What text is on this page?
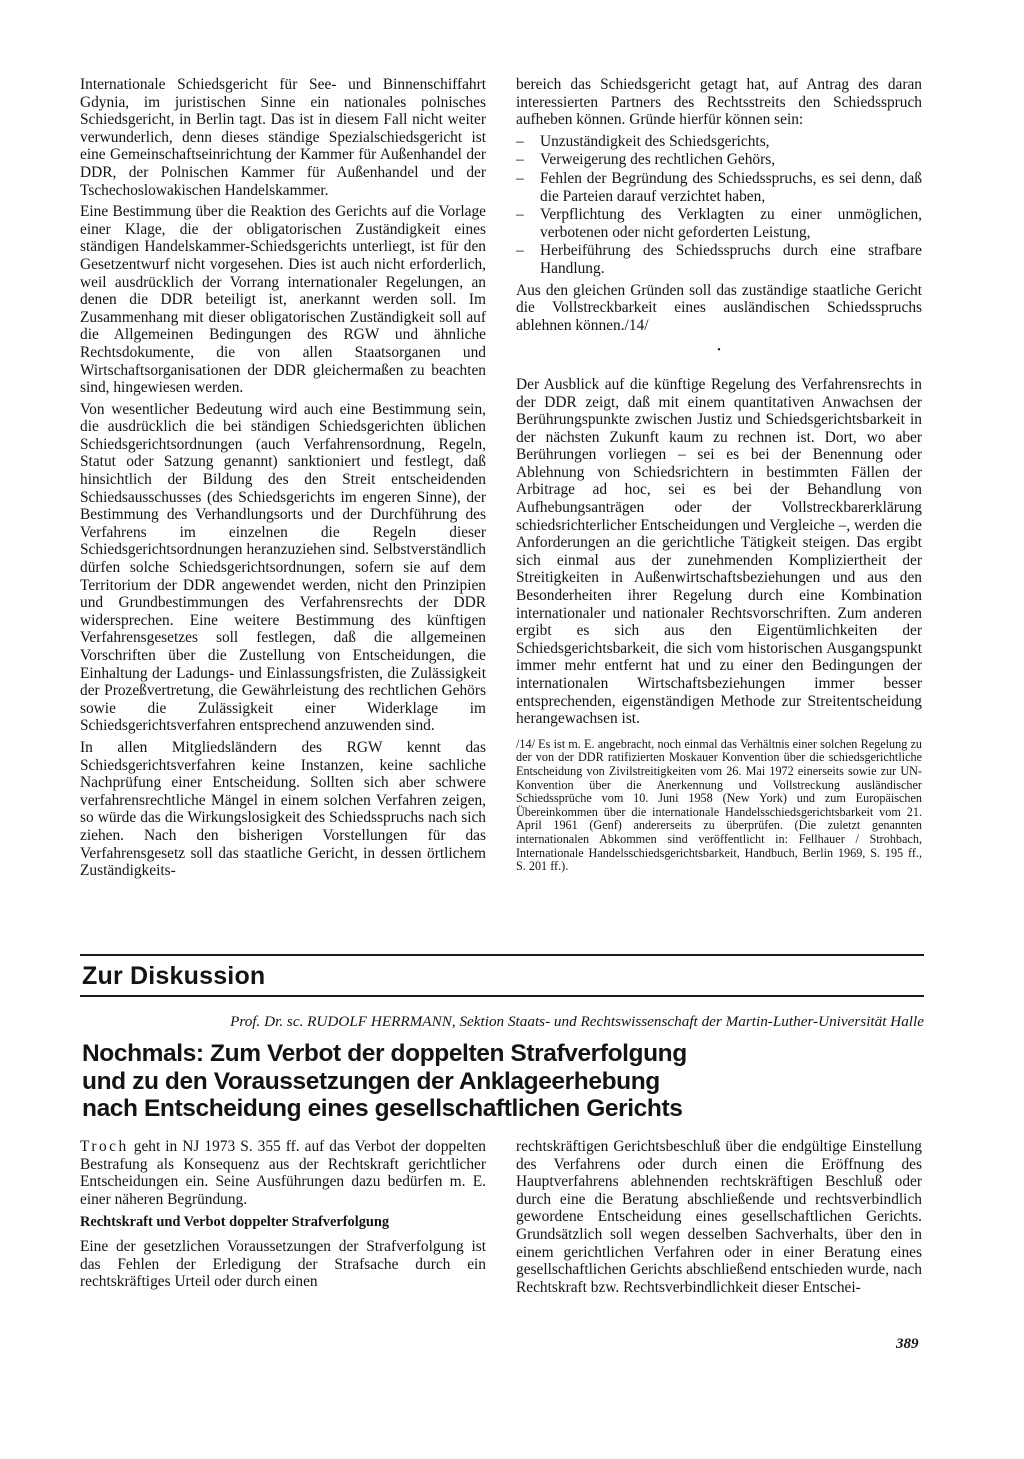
Internationale Schiedsgericht für See- und Binnenschiffahrt Gdynia, im juristischen Sinne ein nationales polnisches Schiedsgericht, in Berlin tagt. Das ist in diesem Fall nicht weiter verwunderlich, denn dieses ständige Spezialschiedsgericht ist eine Gemeinschaftseinrichtung der Kammer für Außenhandel der DDR, der Polnischen Kammer für Außenhandel und der Tschechoslowakischen Handelskammer.

Eine Bestimmung über die Reaktion des Gerichts auf die Vorlage einer Klage, die der obligatorischen Zuständigkeit eines ständigen Handelskammer-Schiedsgerichts unterliegt, ist für den Gesetzentwurf nicht vorgesehen. Dies ist auch nicht erforderlich, weil ausdrücklich der Vorrang internationaler Regelungen, an denen die DDR beteiligt ist, anerkannt werden soll. Im Zusammenhang mit dieser obligatorischen Zuständigkeit soll auf die Allgemeinen Bedingungen des RGW und ähnliche Rechtsdokumente, die von allen Staatsorganen und Wirtschaftsorganisationen der DDR gleichermaßen zu beachten sind, hingewiesen werden.

Von wesentlicher Bedeutung wird auch eine Bestimmung sein, die ausdrücklich die bei ständigen Schiedsgerichten üblichen Schiedsgerichtsordnungen (auch Verfahrensordnung, Regeln, Statut oder Satzung genannt) sanktioniert und festlegt, daß hinsichtlich der Bildung des den Streit entscheidenden Schiedsausschusses (des Schiedsgerichts im engeren Sinne), der Bestimmung des Verhandlungsorts und der Durchführung des Verfahrens im einzelnen die Regeln dieser Schiedsgerichtsordnungen heranzuziehen sind. Selbstverständlich dürfen solche Schiedsgerichtsordnungen, sofern sie auf dem Territorium der DDR angewendet werden, nicht den Prinzipien und Grundbestimmungen des Verfahrensrechts der DDR widersprechen. Eine weitere Bestimmung des künftigen Verfahrensgesetzes soll festlegen, daß die allgemeinen Vorschriften über die Zustellung von Entscheidungen, die Einhaltung der Ladungs- und Einlassungsfristen, die Zulässigkeit der Prozeßvertretung, die Gewährleistung des rechtlichen Gehörs sowie die Zulässigkeit einer Widerklage im Schiedsgerichtsverfahren entsprechend anzuwenden sind.

In allen Mitgliedsländern des RGW kennt das Schiedsgerichtsverfahren keine Instanzen, keine sachliche Nachprüfung einer Entscheidung. Sollten sich aber schwere verfahrensrechtliche Mängel in einem solchen Verfahren zeigen, so würde das die Wirkungslosigkeit des Schiedsspruchs nach sich ziehen. Nach den bisherigen Vorstellungen für das Verfahrensgesetz soll das staatliche Gericht, in dessen örtlichem Zuständigkeits-

bereich das Schiedsgericht getagt hat, auf Antrag des daran interessierten Partners des Rechtsstreits den Schiedsspruch aufheben können. Gründe hierfür können sein:

– Unzuständigkeit des Schiedsgerichts,
– Verweigerung des rechtlichen Gehörs,
– Fehlen der Begründung des Schiedsspruchs, es sei denn, daß die Parteien darauf verzichtet haben,
– Verpflichtung des Verklagten zu einer unmöglichen, verbotenen oder nicht geforderten Leistung,
– Herbeiführung des Schiedsspruchs durch eine strafbare Handlung.

Aus den gleichen Gründen soll das zuständige staatliche Gericht die Vollstreckbarkeit eines ausländischen Schiedsspruchs ablehnen können./14/

•

Der Ausblick auf die künftige Regelung des Verfahrensrechts in der DDR zeigt, daß mit einem quantitativen Anwachsen der Berührungspunkte zwischen Justiz und Schiedsgerichtsbarkeit in der nächsten Zukunft kaum zu rechnen ist. Dort, wo aber Berührungen vorliegen – sei es bei der Benennung oder Ablehnung von Schiedsrichtern in bestimmten Fällen der Arbitrage ad hoc, sei es bei der Behandlung von Aufhebungsanträgen oder der Vollstreckbarerklärung schiedsrichterlicher Entscheidungen und Vergleiche –, werden die Anforderungen an die gerichtliche Tätigkeit steigen. Das ergibt sich einmal aus der zunehmenden Kompliziertheit der Streitigkeiten in Außenwirtschaftsbeziehungen und aus den Besonderheiten ihrer Regelung durch eine Kombination internationaler und nationaler Rechtsvorschriften. Zum anderen ergibt es sich aus den Eigentümlichkeiten der Schiedsgerichtsbarkeit, die sich vom historischen Ausgangspunkt immer mehr entfernt hat und zu einer den Bedingungen der internationalen Wirtschaftsbeziehungen immer besser entsprechenden, eigenständigen Methode zur Streitentscheidung herangewachsen ist.

/14/ Es ist m. E. angebracht, noch einmal das Verhältnis einer solchen Regelung zu der von der DDR ratifizierten Moskauer Konvention über die schiedsgerichtliche Entscheidung von Zivilstreitigkeiten vom 26. Mai 1972 einerseits sowie zur UN-Konvention über die Anerkennung und Vollstreckung ausländischer Schiedssprüche vom 10. Juni 1958 (New York) und zum Europäischen Übereinkommen über die internationale Handelsschiedsgerichtsbarkeit vom 21. April 1961 (Genf) andererseits zu überprüfen. (Die zuletzt genannten internationalen Abkommen sind veröffentlicht in: Fellhauer / Strohbach, Internationale Handelsschiedsgerichtsbarkeit, Handbuch, Berlin 1969, S. 195 ff., S. 201 ff.).
Zur Diskussion

Prof. Dr. sc. RUDOLF HERRMANN, Sektion Staats- und Rechtswissenschaft der Martin-Luther-Universität Halle

Nochmals: Zum Verbot der doppelten Strafverfolgung
und zu den Voraussetzungen der Anklageerhebung
nach Entscheidung eines gesellschaftlichen Gerichts

Troch geht in NJ 1973 S. 355 ff. auf das Verbot der doppelten Bestrafung als Konsequenz aus der Rechtskraft gerichtlicher Entscheidungen ein. Seine Ausführungen dazu bedürfen m. E. einer näheren Begründung.

Rechtskraft und Verbot doppelter Strafverfolgung

Eine der gesetzlichen Voraussetzungen der Strafverfolgung ist das Fehlen der Erledigung der Strafsache durch ein rechtskräftiges Urteil oder durch einen

rechtskräftigen Gerichtsbeschluß über die endgültige Einstellung des Verfahrens oder durch einen die Eröffnung des Hauptverfahrens ablehnenden rechtskräftigen Beschluß oder durch eine die Beratung abschließende und rechtsverbindlich gewordene Entscheidung eines gesellschaftlichen Gerichts. Grundsätzlich soll wegen desselben Sachverhalts, über den in einem gerichtlichen Verfahren oder in einer Beratung eines gesellschaftlichen Gerichts abschließend entschieden wurde, nach Rechtskraft bzw. Rechtsverbindlichkeit dieser Entschei-

389
